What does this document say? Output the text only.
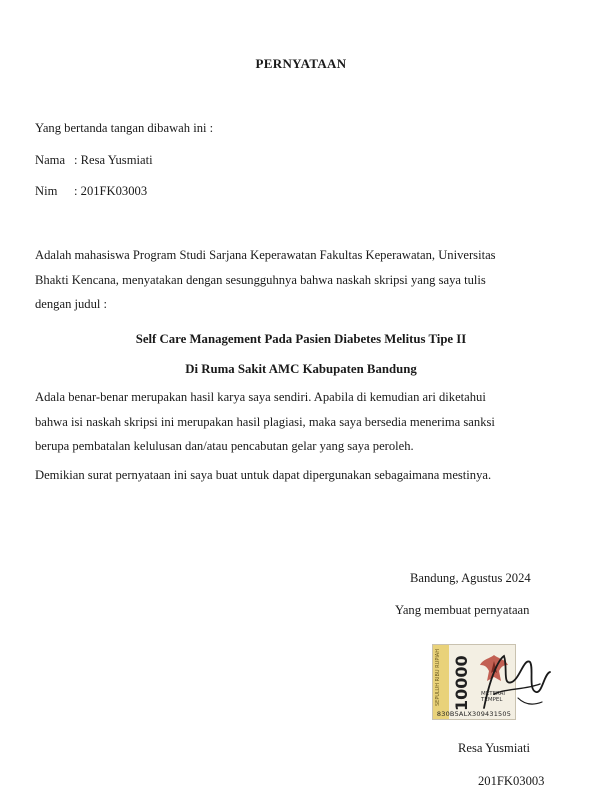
PERNYATAAN
Yang bertanda tangan dibawah ini :
Nama : Resa Yusmiati
Nim : 201FK03003
Adalah mahasiswa Program Studi Sarjana Keperawatan Fakultas Keperawatan, Universitas
Bhakti Kencana, menyatakan dengan sesungguhnya bahwa naskah skripsi yang saya tulis
dengan judul :
Self Care Management Pada Pasien Diabetes Melitus Tipe II
Di Ruma Sakit AMC Kabupaten Bandung
Adala benar-benar merupakan hasil karya saya sendiri. Apabila di kemudian ari diketahui
bahwa isi naskah skripsi ini merupakan hasil plagiasi, maka saya bersedia menerima sanksi
berupa pembatalan kelulusan dan/atau pencabutan gelar yang saya peroleh.
Demikian surat pernyataan ini saya buat untuk dapat dipergunakan sebagaimana mestinya.
Bandung, Agustus 2024
Yang membuat pernyataan
SEPULUH RIBU RUPIAH 10000	METERAI TEMPEL
830B5ALX309431505
Resa Yusmiati
201FK03003
